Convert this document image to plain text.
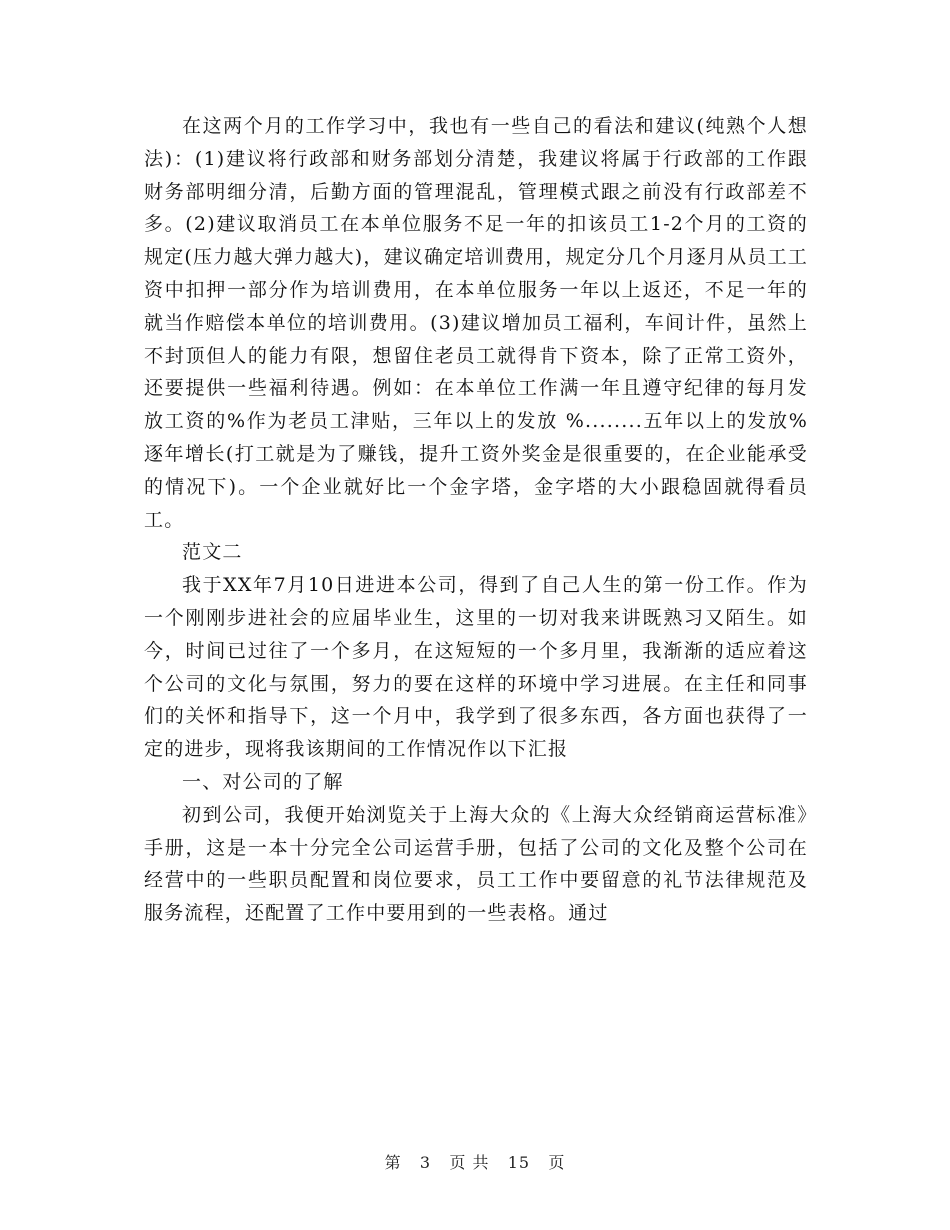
在这两个月的工作学习中，我也有一些自己的看法和建议(纯熟个人想法)：(1)建议将行政部和财务部划分清楚，我建议将属于行政部的工作跟财务部明细分清，后勤方面的管理混乱，管理模式跟之前没有行政部差不多。(2)建议取消员工在本单位服务不足一年的扣该员工1-2个月的工资的规定(压力越大弹力越大)，建议确定培训费用，规定分几个月逐月从员工工资中扣押一部分作为培训费用，在本单位服务一年以上返还，不足一年的就当作赔偿本单位的培训费用。(3)建议增加员工福利，车间计件，虽然上不封顶但人的能力有限，想留住老员工就得肯下资本，除了正常工资外，还要提供一些福利待遇。例如：在本单位工作满一年且遵守纪律的每月发放工资的%作为老员工津贴，三年以上的发放 %........五年以上的发放%逐年增长(打工就是为了赚钱，提升工资外奖金是很重要的，在企业能承受的情况下)。一个企业就好比一个金字塔，金字塔的大小跟稳固就得看员工。

范文二

我于XX年7月10日进进本公司，得到了自己人生的第一份工作。作为一个刚刚步进社会的应届毕业生，这里的一切对我来讲既熟习又陌生。如今，时间已过往了一个多月，在这短短的一个多月里，我渐渐的适应着这个公司的文化与氛围，努力的要在这样的环境中学习进展。在主任和同事们的关怀和指导下，这一个月中，我学到了很多东西，各方面也获得了一定的进步，现将我该期间的工作情况作以下汇报

一、对公司的了解

初到公司，我便开始浏览关于上海大众的《上海大众经销商运营标准》手册，这是一本十分完全公司运营手册，包括了公司的文化及整个公司在经营中的一些职员配置和岗位要求，员工工作中要留意的礼节法律规范及服务流程，还配置了工作中要用到的一些表格。通过

第 3 页 共 15 页
